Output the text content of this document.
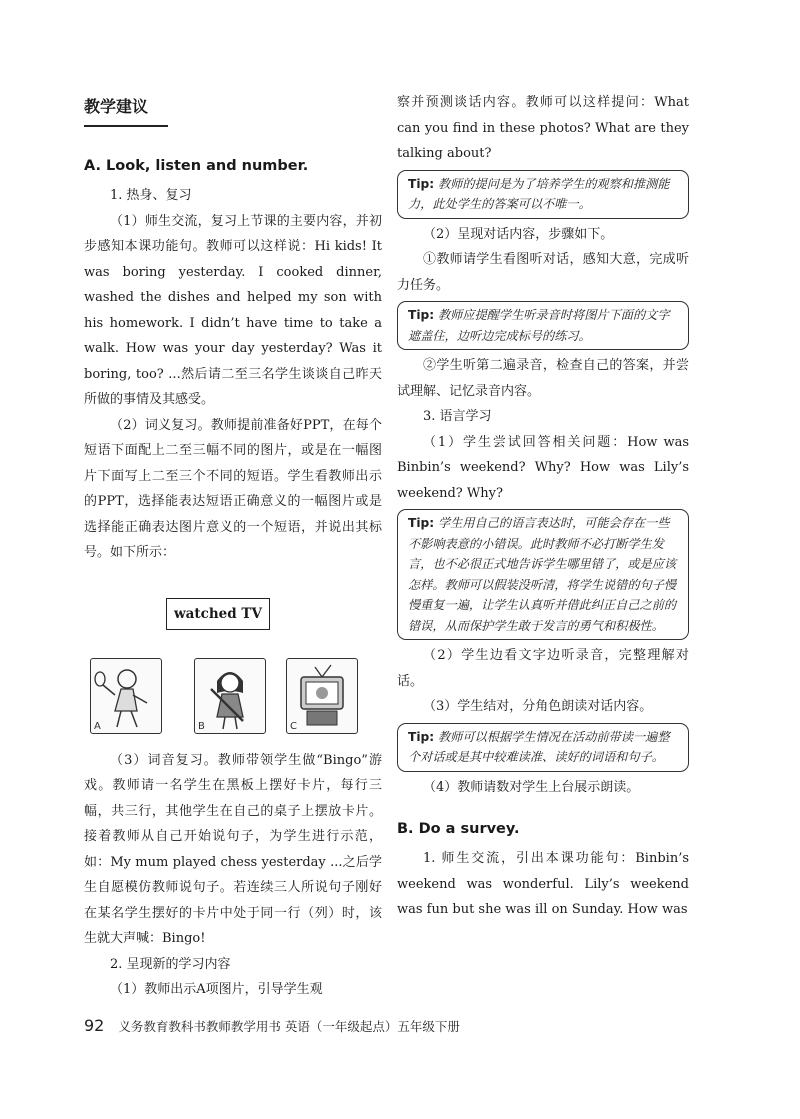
教学建议
A. Look, listen and number.

1. 热身、复习

（1）师生交流，复习上节课的主要内容，并初步感知本课功能句。教师可以这样说：Hi kids! It was boring yesterday. I cooked dinner, washed the dishes and helped my son with his homework. I didn’t have time to take a walk. How was your day yesterday? Was it boring, too? ...然后请二至三名学生谈谈自己昨天所做的事情及其感受。

（2）词义复习。教师提前准备好PPT，在每个短语下面配上二至三幅不同的图片，或是在一幅图片下面写上二至三个不同的短语。学生看教师出示的PPT，选择能表达短语正确意义的一幅图片或是选择能正确表达图片意义的一个短语，并说出其标号。如下所示：

watched TV
A	B	C

（3）词音复习。教师带领学生做“Bingo”游戏。教师请一名学生在黑板上摆好卡片，每行三幅，共三行，其他学生在自己的桌子上摆放卡片。接着教师从自己开始说句子，为学生进行示范，如：My mum played chess yesterday ...之后学生自愿模仿教师说句子。若连续三人所说句子刚好在某名学生摆好的卡片中处于同一行（列）时，该生就大声喊：Bingo!

2. 呈现新的学习内容

（1）教师出示A项图片，引导学生观

察并预测谈话内容。教师可以这样提问：What can you find in these photos? What are they talking about?

Tip: 教师的提问是为了培养学生的观察和推测能力，此处学生的答案可以不唯一。

（2）呈现对话内容，步骤如下。

①教师请学生看图听对话，感知大意，完成听力任务。

Tip: 教师应提醒学生听录音时将图片下面的文字遮盖住，边听边完成标号的练习。

②学生听第二遍录音，检查自己的答案，并尝试理解、记忆录音内容。

3. 语言学习

（1）学生尝试回答相关问题：How was Binbin’s weekend? Why? How was Lily’s weekend? Why?

Tip: 学生用自己的语言表达时，可能会存在一些不影响表意的小错误。此时教师不必打断学生发言，也不必很正式地告诉学生哪里错了，或是应该怎样。教师可以假装没听清，将学生说错的句子慢慢重复一遍，让学生认真听并借此纠正自己之前的错误，从而保护学生敢于发言的勇气和积极性。

（2）学生边看文字边听录音，完整理解对话。

（3）学生结对，分角色朗读对话内容。

Tip: 教师可以根据学生情况在活动前带读一遍整个对话或是其中较难读准、读好的词语和句子。

（4）教师请数对学生上台展示朗读。

B. Do a survey.

1. 师生交流，引出本课功能句：Binbin’s weekend was wonderful. Lily’s weekend was fun but she was ill on Sunday. How was

92 义务教育教科书教师教学用书 英语（一年级起点）五年级下册
